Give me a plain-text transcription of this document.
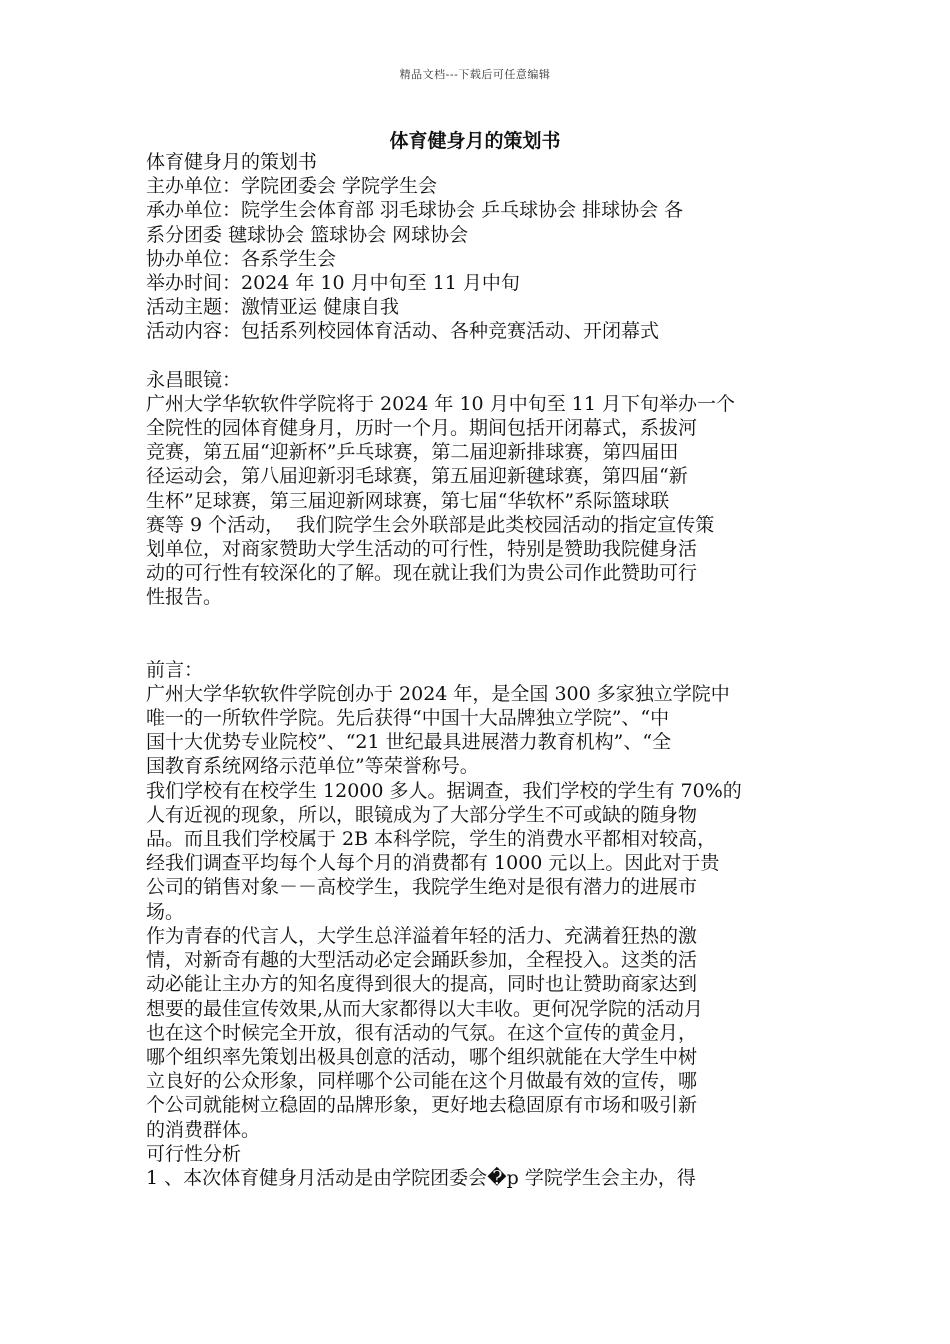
精品文档---下载后可任意编辑
体育健身月的策划书

体育健身月的策划书

主办单位：学院团委会 学院学生会

承办单位：院学生会体育部 羽毛球协会 乒乓球协会 排球协会 各

系分团委 毽球协会 篮球协会 网球协会

协办单位：各系学生会

举办时间：2024 年 10 月中旬至 11 月中旬

活动主题：激情亚运 健康自我

活动内容：包括系列校园体育活动、各种竞赛活动、开闭幕式

永昌眼镜：

广州大学华软软件学院将于 2024 年 10 月中旬至 11 月下旬举办一个

全院性的园体育健身月，历时一个月。期间包括开闭幕式，系拔河

竞赛，第五届“迎新杯”乒乓球赛，第二届迎新排球赛，第四届田

径运动会，第八届迎新羽毛球赛，第五届迎新毽球赛，第四届“新

生杯”足球赛，第三届迎新网球赛，第七届“华软杯”系际篮球联

赛等 9 个活动，  我们院学生会外联部是此类校园活动的指定宣传策

划单位，对商家赞助大学生活动的可行性，特别是赞助我院健身活

动的可行性有较深化的了解。现在就让我们为贵公司作此赞助可行

性报告。

前言：

广州大学华软软件学院创办于 2024 年，是全国 300 多家独立学院中

唯一的一所软件学院。先后获得“中国十大品牌独立学院”、“中

国十大优势专业院校”、“21 世纪最具进展潜力教育机构”、“全

国教育系统网络示范单位”等荣誉称号。

我们学校有在校学生 12000 多人。据调查，我们学校的学生有 70%的

人有近视的现象，所以，眼镜成为了大部分学生不可或缺的随身物

品。而且我们学校属于 2B 本科学院，学生的消费水平都相对较高，

经我们调查平均每个人每个月的消费都有 1000 元以上。因此对于贵

公司的销售对象－－高校学生，我院学生绝对是很有潜力的进展市

场。

作为青春的代言人，大学生总洋溢着年轻的活力、充满着狂热的激

情，对新奇有趣的大型活动必定会踊跃参加，全程投入。这类的活

动必能让主办方的知名度得到很大的提高，同时也让赞助商家达到

想要的最佳宣传效果,从而大家都得以大丰收。更何况学院的活动月

也在这个时候完全开放，很有活动的气氛。在这个宣传的黄金月，

哪个组织率先策划出极具创意的活动，哪个组织就能在大学生中树

立良好的公众形象，同样哪个公司能在这个月做最有效的宣传，哪

个公司就能树立稳固的品牌形象，更好地去稳固原有市场和吸引新

的消费群体。

可行性分析

1 、本次体育健身月活动是由学院团委会�p 学院学生会主办，得
